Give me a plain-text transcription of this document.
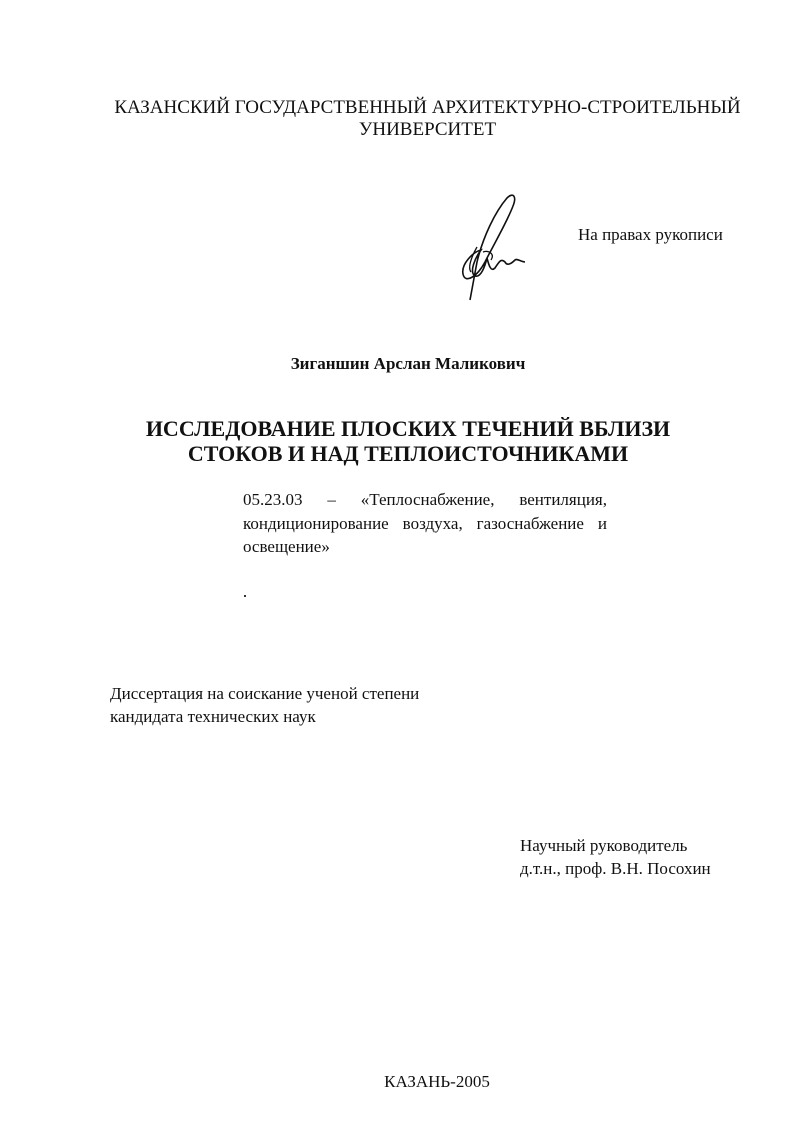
КАЗАНСКИЙ ГОСУДАРСТВЕННЫЙ АРХИТЕКТУРНО-СТРОИТЕЛЬНЫЙ
УНИВЕРСИТЕТ
На правах рукописи
Зиганшин Арслан Маликович
ИССЛЕДОВАНИЕ ПЛОСКИХ ТЕЧЕНИЙ ВБЛИЗИ
СТОКОВ И НАД ТЕПЛОИСТОЧНИКАМИ
05.23.03 – «Теплоснабжение, вентиляция, кондиционирование воздуха, газоснабжение и освещение»
Диссертация на соискание ученой степени
кандидата технических наук
Научный руководитель
д.т.н., проф. В.Н. Посохин
КАЗАНЬ-2005
